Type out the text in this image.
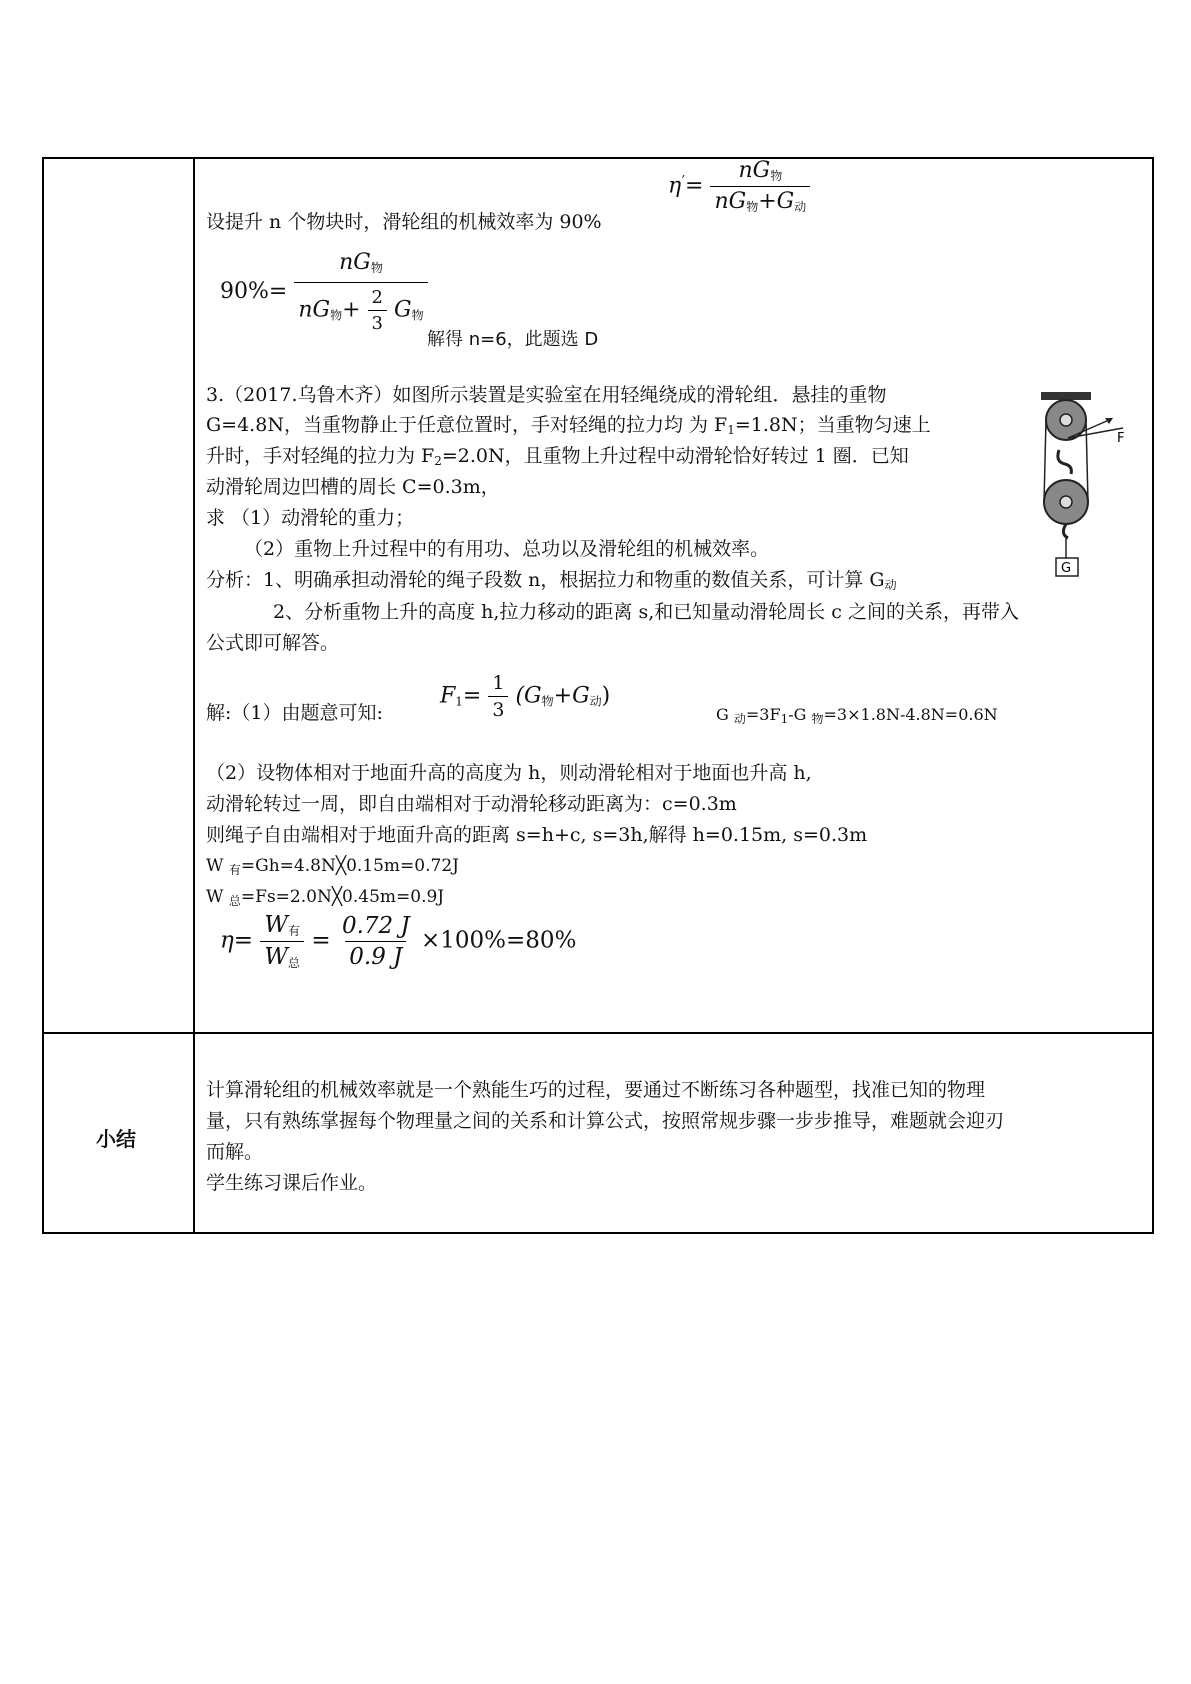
$\eta^’= \frac{nG_物}{nG_物+G_动}$
设提升 n 个物块时，滑轮组的机械效率为 90%
$90\%= \frac{nG_物}{nG_物+ \frac{2}{3} G_物}$
解得 n=6，此题选 D
3.（2017.乌鲁木齐）如图所示装置是实验室在用轻绳绕成的滑轮组．悬挂的重物
G=4.8N，当重物静止于任意位置时，手对轻绳的拉力均 为 $F_1=1.8N$；当重物匀速上
升时，手对轻绳的拉力为 $F_2=2.0N$，且重物上升过程中动滑轮恰好转过 1 圈．已知
动滑轮周边凹槽的周长 C=0.3m，
求 （1）动滑轮的重力；
（2）重物上升过程中的有用功、总功以及滑轮组的机械效率。
分析：1、明确承担动滑轮的绳子段数 n，根据拉力和物重的数值关系，可计算 $G_动$
2、分析重物上升的高度 h,拉力移动的距离 s,和已知量动滑轮周长 c 之间的关系，再带入
公式即可解答。
F
G
解:（1）由题意可知:
$F_1= \frac{1}{3} (G_物+G_动)$
G $_动=3F_1-G$ $_物$=3×1.8N-4.8N=0.6N
（2）设物体相对于地面升高的高度为 h，则动滑轮相对于地面也升高 h,
动滑轮转过一周，即自由端相对于动滑轮移动距离为：c=0.3m
则绳子自由端相对于地面升高的距离 s=h+c, s=3h,解得 h=0.15m, s=0.3m
W $_有$=Gh=4.8N╳0.15m=0.72J
W $_总$=Fs=2.0N╳0.45m=0.9J
$\eta= \frac{W_有}{W_总} = \frac{0.72 J}{0.9 J} \times 100\%=80\%$
小结
计算滑轮组的机械效率就是一个熟能生巧的过程，要通过不断练习各种题型，找准已知的物理
量，只有熟练掌握每个物理量之间的关系和计算公式，按照常规步骤一步步推导，难题就会迎刃
而解。
学生练习课后作业。
